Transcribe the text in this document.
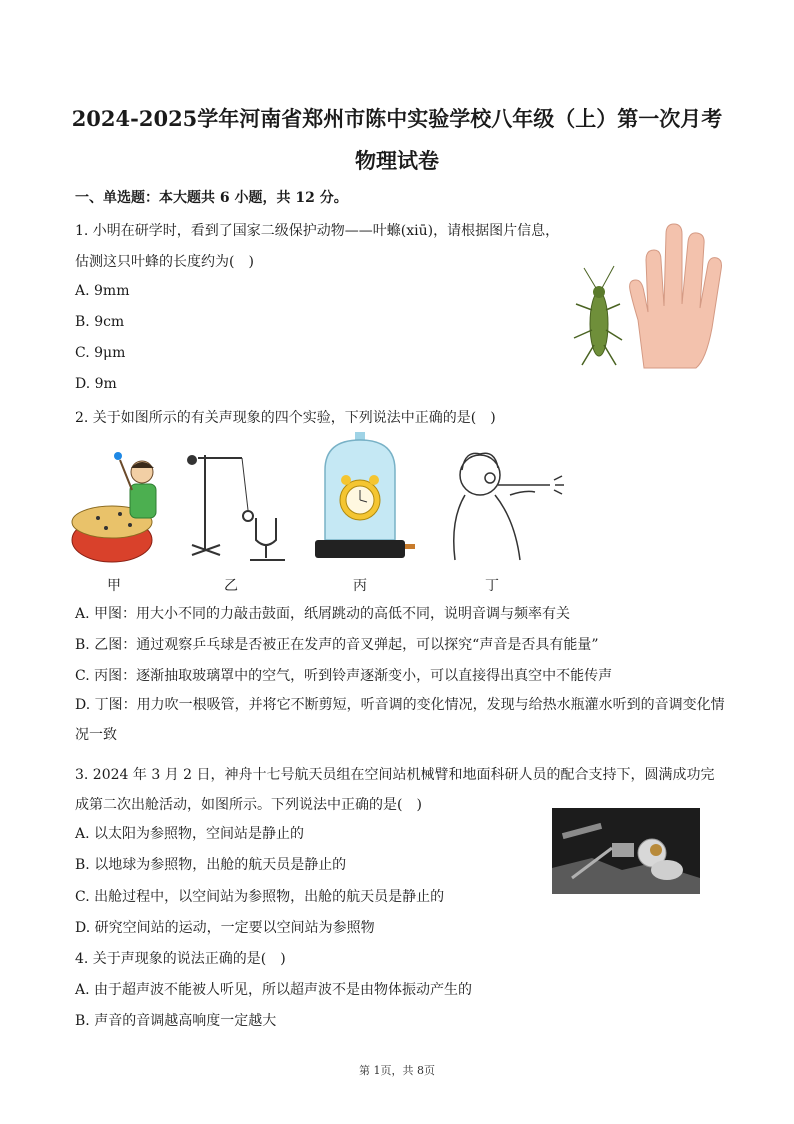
2024-2025学年河南省郑州市陈中实验学校八年级（上）第一次月考
物理试卷
一、单选题：本大题共 6 小题，共 12 分。
1. 小明在研学时，看到了国家二级保护动物——叶螩(xiū)，请根据图片信息，
估测这只叶蜂的长度约为(　)
A. 9mm
B. 9cm
C. 9μm
D. 9m
2. 关于如图所示的有关声现象的四个实验，下列说法中正确的是(　)
甲	乙	丙	丁
A. 甲图：用大小不同的力敲击鼓面，纸屑跳动的高低不同，说明音调与频率有关
B. 乙图：通过观察乒乓球是否被正在发声的音叉弹起，可以探究“声音是否具有能量”
C. 丙图：逐渐抽取玻璃罩中的空气，听到铃声逐渐变小，可以直接得出真空中不能传声
D. 丁图：用力吹一根吸管，并将它不断剪短，听音调的变化情况，发现与给热水瓶灌水听到的音调变化情况一致
3. 2024 年 3 月 2 日，神舟十七号航天员组在空间站机械臂和地面科研人员的配合支持下，圆满成功完成第二次出舱活动，如图所示。下列说法中正确的是(　)
A. 以太阳为参照物，空间站是静止的
B. 以地球为参照物，出舱的航天员是静止的
C. 出舱过程中，以空间站为参照物，出舱的航天员是静止的
D. 研究空间站的运动，一定要以空间站为参照物
4. 关于声现象的说法正确的是(　)
A. 由于超声波不能被人听见，所以超声波不是由物体振动产生的
B. 声音的音调越高响度一定越大
第 1页，共 8页
